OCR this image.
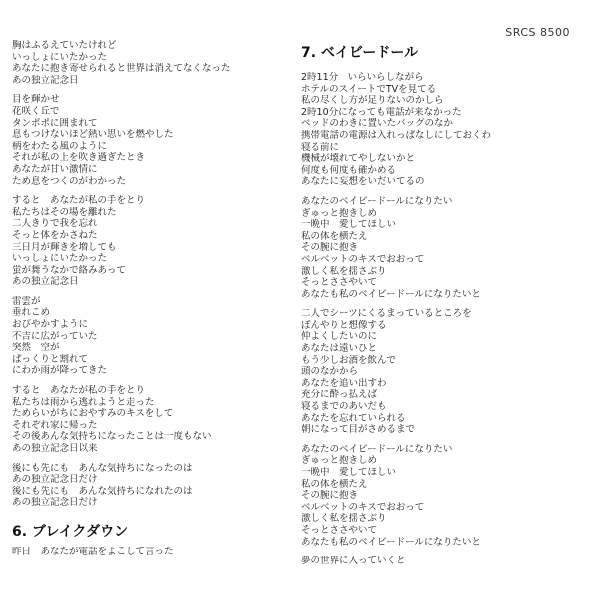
SRCS 8500
胸はふるえていたけれど
いっしょにいたかった
あなたに抱き寄せられると世界は消えてなくなった
あの独立記念日
目を輝かせ
花咲く丘で
タンポポに囲まれて
息もつけないほど熱い思いを燃やした
柄をわたる風のように
それが私の上を吹き過ぎたとき
あなたが甘い激情に
ため息をつくのがわかった
すると　あなたが私の手をとり
私たちはその場を離れた
二人きりで我を忘れ
そっと体をかさねた
三日月が輝きを増しても
いっしょにいたかった
蛍が舞うなかで絡みあって
あの独立記念日
雷雲が
垂れこめ
おびやかすように
不吉に広がっていた
突然　空が
ぱっくりと割れて
にわか雨が降ってきた
すると　あなたが私の手をとり
私たちは雨から逃れようと走った
ためらいがちにおやすみのキスをして
それぞれ家に帰った
その後あんな気持ちになったことは一度もない
あの独立記念日以来
後にも先にも　あんな気持ちになったのは
あの独立記念日だけ
後にも先にも　あんな気持ちになれたのは
あの独立記念日だけ
6. ブレイクダウン
昨日　あなたが電話をよこして言った
7. ベイビードール
2時11分　いらいらしながら
ホテルのスイートでTVを見てる
私の尽くし方が足りないのかしら
2時10分になっても電話が来なかった
ベッドのわきに置いたバッグのなか
携帯電話の電源は入れっぱなしにしておくわ
寝る前に
機械が壊れてやしないかと
何度も何度も確かめる
あなたに妄想をいだいてるの
あなたのベイビードールになりたい
ぎゅっと抱きしめ
一晩中　愛してほしい
私の体を横たえ
その腕に抱き
ベルベットのキスでおおって
激しく私を揺さぶり
そっとささやいて
あなたも私のベイビードールになりたいと
二人でシーツにくるまっているところを
ぼんやりと想像する
仲よくしたいのに
あなたは遠いひと
もう少しお酒を飲んで
頭のなかから
あなたを追い出すわ
充分に酔っ払えば
寝るまでのあいだも
あなたを忘れていられる
朝になって目がさめるまで
あなたのベイビードールになりたい
ぎゅっと抱きしめ
一晩中　愛してほしい
私の体を横たえ
その腕に抱き
ベルベットのキスでおおって
激しく私を揺さぶり
そっとささやいて
あなたも私のベイビードールになりたいと
夢の世界に入っていくと
